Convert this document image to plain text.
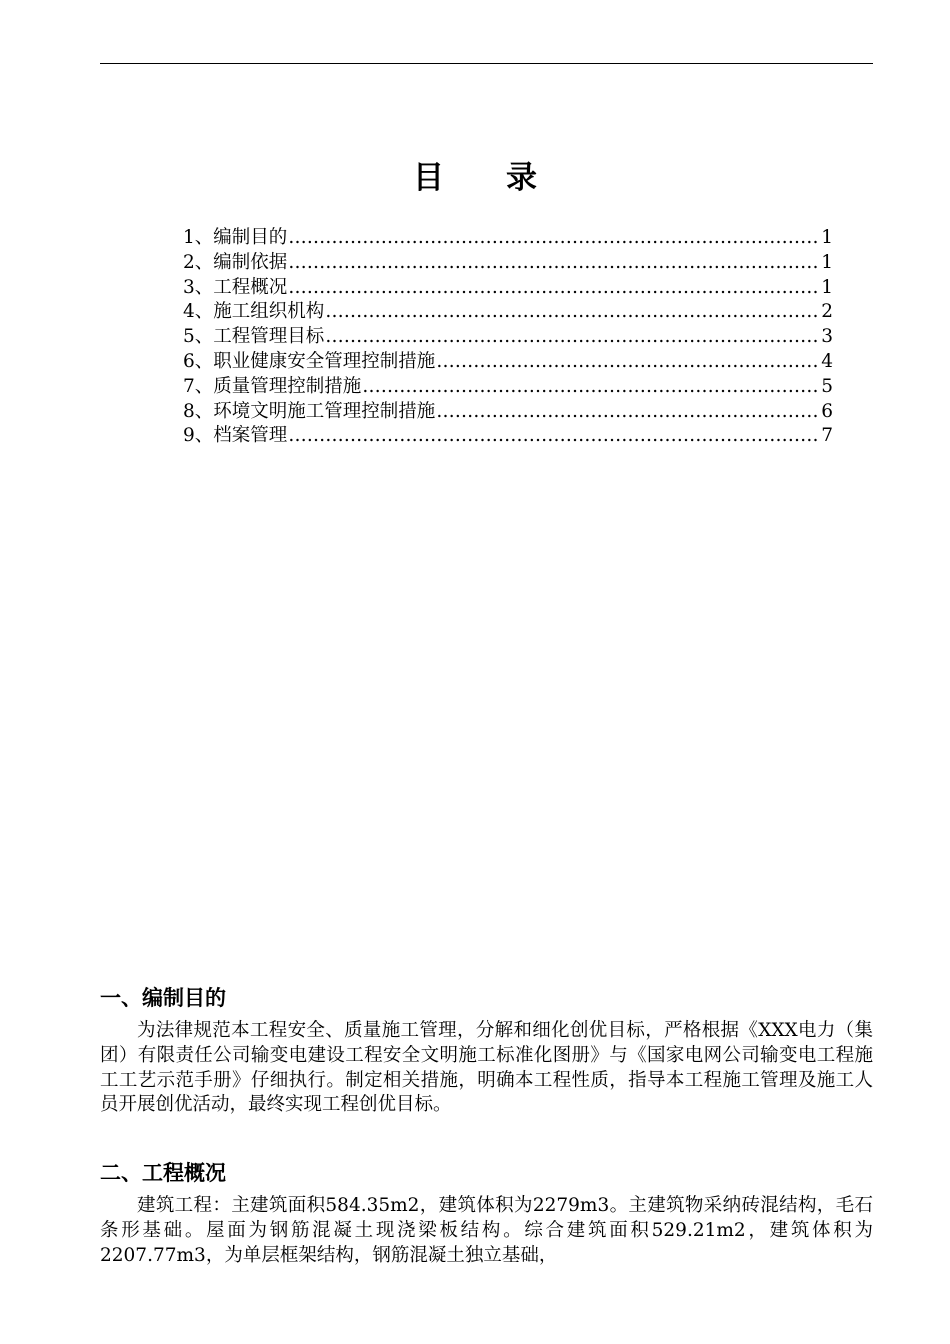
目 录
1、编制目的 ……………………………………………………………………………………………………………………………………………………………………	1
2、编制依据 ……………………………………………………………………………………………………………………………………………………………………	1
3、工程概况 ……………………………………………………………………………………………………………………………………………………………………	1
4、施工组织机构 ……………………………………………………………………………………………………………………………………………………………………	2
5、工程管理目标 ……………………………………………………………………………………………………………………………………………………………………	3
6、职业健康安全管理控制措施 ……………………………………………………………………………………………………………………………………………………………………	4
7、质量管理控制措施 ……………………………………………………………………………………………………………………………………………………………………	5
8、环境文明施工管理控制措施 ……………………………………………………………………………………………………………………………………………………………………	6
9、档案管理 ……………………………………………………………………………………………………………………………………………………………………	7
一、编制目的

为法律规范本工程安全、质量施工管理，分解和细化创优目标，严格根据《XXX电力（集团）有限责任公司输变电建设工程安全文明施工标准化图册》与《国家电网公司输变电工程施工工艺示范手册》仔细执行。制定相关措施，明确本工程性质，指导本工程施工管理及施工人员开展创优活动，最终实现工程创优目标。

二、工程概况

建筑工程：主建筑面积584.35m2，建筑体积为2279m3。主建筑物采纳砖混结构，毛石条形基础。屋面为钢筋混凝土现浇梁板结构。综合建筑面积529.21m2，建筑体积为2207.77m3，为单层框架结构，钢筋混凝土独立基础，
